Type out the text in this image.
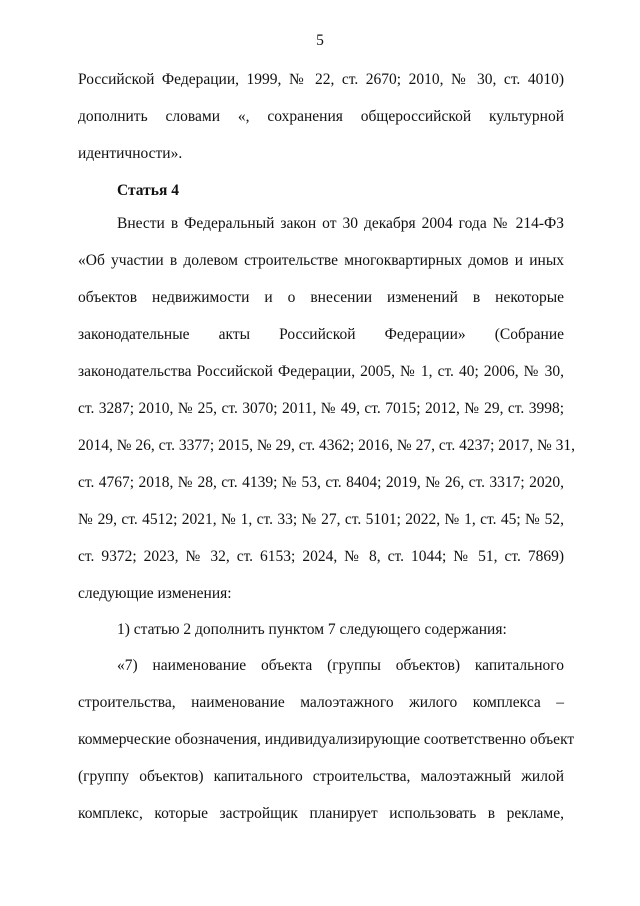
5
Российской Федерации, 1999, № 22, ст. 2670; 2010, № 30, ст. 4010)
дополнить словами «, сохранения общероссийской культурной
идентичности».
Статья 4
Внести в Федеральный закон от 30 декабря 2004 года № 214-ФЗ
«Об участии в долевом строительстве многоквартирных домов и иных
объектов недвижимости и о внесении изменений в некоторые
законодательные акты Российской Федерации» (Собрание
законодательства Российской Федерации, 2005, № 1, ст. 40; 2006, № 30,
ст. 3287; 2010, № 25, ст. 3070; 2011, № 49, ст. 7015; 2012, № 29, ст. 3998;
2014, № 26, ст. 3377; 2015, № 29, ст. 4362; 2016, № 27, ст. 4237; 2017, № 31,
ст. 4767; 2018, № 28, ст. 4139; № 53, ст. 8404; 2019, № 26, ст. 3317; 2020,
№ 29, ст. 4512; 2021, № 1, ст. 33; № 27, ст. 5101; 2022, № 1, ст. 45; № 52,
ст. 9372; 2023, № 32, ст. 6153; 2024, № 8, ст. 1044; № 51, ст. 7869)
следующие изменения:
1) статью 2 дополнить пунктом 7 следующего содержания:
«7) наименование объекта (группы объектов) капитального
строительства, наименование малоэтажного жилого комплекса –
коммерческие обозначения, индивидуализирующие соответственно объект
(группу объектов) капитального строительства, малоэтажный жилой
комплекс, которые застройщик планирует использовать в рекламе,
